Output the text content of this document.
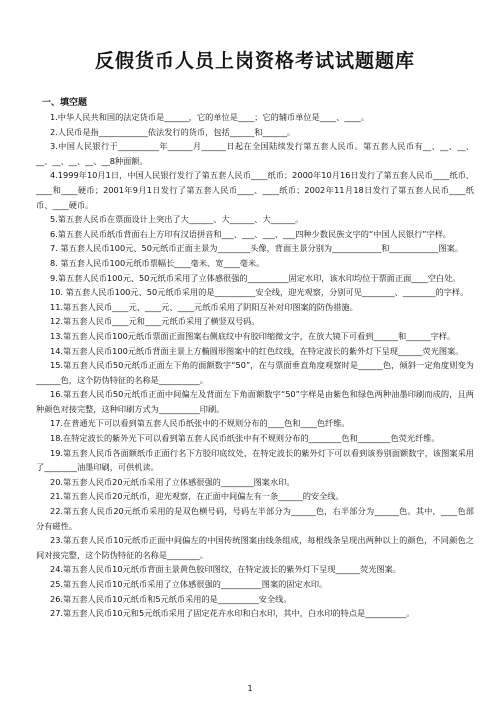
反假货币人员上岗资格考试试题题库
一、填空题

1.中华人民共和国的法定货币是______，它的单位是____；它的辅币单位是____、____。

2.人民币是指____________依法发行的货币，包括______和______。

3.中国人民银行于__________年______月______日起在全国陆续发行第五套人民币。第五套人民币有__、__、__、__、__、__、__、__8种面额。

4.1999年10月1日，中国人民银行发行了第五套人民币____纸币；2000年10月16日发行了第五套人民币____纸币、____和____硬币；2001年9月1日发行了第五套人民币____、____纸币；2002年11月18日发行了第五套人民币____纸币、____硬币。

5.第五套人民币在票面设计上突出了大______、大______、大______。

6.第五套人民币纸币背面右上方印有汉语拼音和___、___、___、___四种少数民族文字的“中国人民银行”字样。

7. 第五套人民币100元、50元纸币正面主景为________头像，背面主景分别为____________和____________图案。

8. 第五套人民币100元纸币票幅长____毫米、宽____毫米。

9.第五套人民币100元、50元纸币采用了立体感很强的__________固定水印，该水印均位于票面正面____空白处。

10. 第五套人民币100元、50元纸币采用的是__________安全线，迎光观察，分别可见________、________的字样。

11.第五套人民币____元、____元、____元纸币采用了阴阳互补对印图案的防伪措施。

12.第五套人民币____元和____元纸币采用了横竖双号码。

13.第五套人民币100元纸币票面正面图案右侧底纹中有胶印缩微文字，在放大镜下可看到______和______字样。

14.第五套人民币100元纸币背面主景上方椭圆形图案中的红色纹线，在特定波长的紫外灯下呈现______荧光图案。

15.第五套人民币50元纸币正面左下角的面额数字“50”，在与票面垂直角度观察时是______色，倾斜一定角度则变为______色，这个防伪特征的名称是__________。

16.第五套人民币50元纸币正面中间偏左及背面左下角面额数字“50”字样是由紫色和绿色两种油墨印刷而成的，且两种颜色对接完整，这种印刷方式为__________印刷。

17.在普通光下可以看到第五套人民币纸张中的不规则分布的____色和____色纤维。

18.在特定波长的紫外光下可以看到第五套人民币纸张中有不规则分布的________色和________色荧光纤维。

19.第五套人民币各面额纸币正面行名下方胶印底纹处，在特定波长的紫外灯下可以看到该券别面额数字，该图案采用了________油墨印刷，可供机读。

20.第五套人民币20元纸币采用了立体感很强的________图案水印。

21.第五套人民币20元纸币，迎光观察，在正面中间偏左有一条______的安全线。

22.第五套人民币20元纸币采用的是双色横号码，号码左半部分为______色，右半部分为______色。其中，____色部分有磁性。

23.第五套人民币10元纸币正面中间偏左的中国传统图案由线条组成，每根线条呈现出两种以上的颜色，不同颜色之间对接完整，这个防伪特征的名称是________。

24.第五套人民币10元纸币背面主景黄色胶印图纹，在特定波长的紫外灯下呈现______荧光图案。

25.第五套人民币10元纸币采用了立体感很强的__________图案的固定水印。

26.第五套人民币10元纸币和5元纸币采用的是__________安全线。

27.第五套人民币10元和5元纸币采用了固定花卉水印和白水印，其中，白水印的特点是__________。

1
